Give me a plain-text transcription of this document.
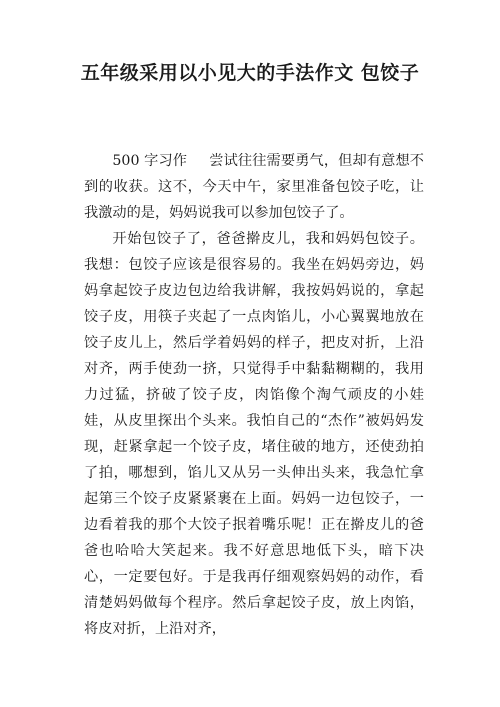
五年级采用以小见大的手法作文 包饺子

500 字习作 尝试往往需要勇气，但却有意想不到的收获。这不，今天中午，家里准备包饺子吃，让我激动的是，妈妈说我可以参加包饺子了。

开始包饺子了，爸爸擀皮儿，我和妈妈包饺子。我想：包饺子应该是很容易的。我坐在妈妈旁边，妈妈拿起饺子皮边包边给我讲解，我按妈妈说的，拿起饺子皮，用筷子夹起了一点肉馅儿，小心翼翼地放在饺子皮儿上，然后学着妈妈的样子，把皮对折，上沿对齐，两手使劲一挤，只觉得手中黏黏糊糊的，我用力过猛，挤破了饺子皮，肉馅像个淘气顽皮的小娃娃，从皮里探出个头来。我怕自己的“杰作”被妈妈发现，赶紧拿起一个饺子皮，堵住破的地方，还使劲拍了拍，哪想到，馅儿又从另一头伸出头来，我急忙拿起第三个饺子皮紧紧裹在上面。妈妈一边包饺子，一边看着我的那个大饺子抿着嘴乐呢！正在擀皮儿的爸爸也哈哈大笑起来。我不好意思地低下头，暗下决心，一定要包好。于是我再仔细观察妈妈的动作，看清楚妈妈做每个程序。然后拿起饺子皮，放上肉馅，将皮对折，上沿对齐，
